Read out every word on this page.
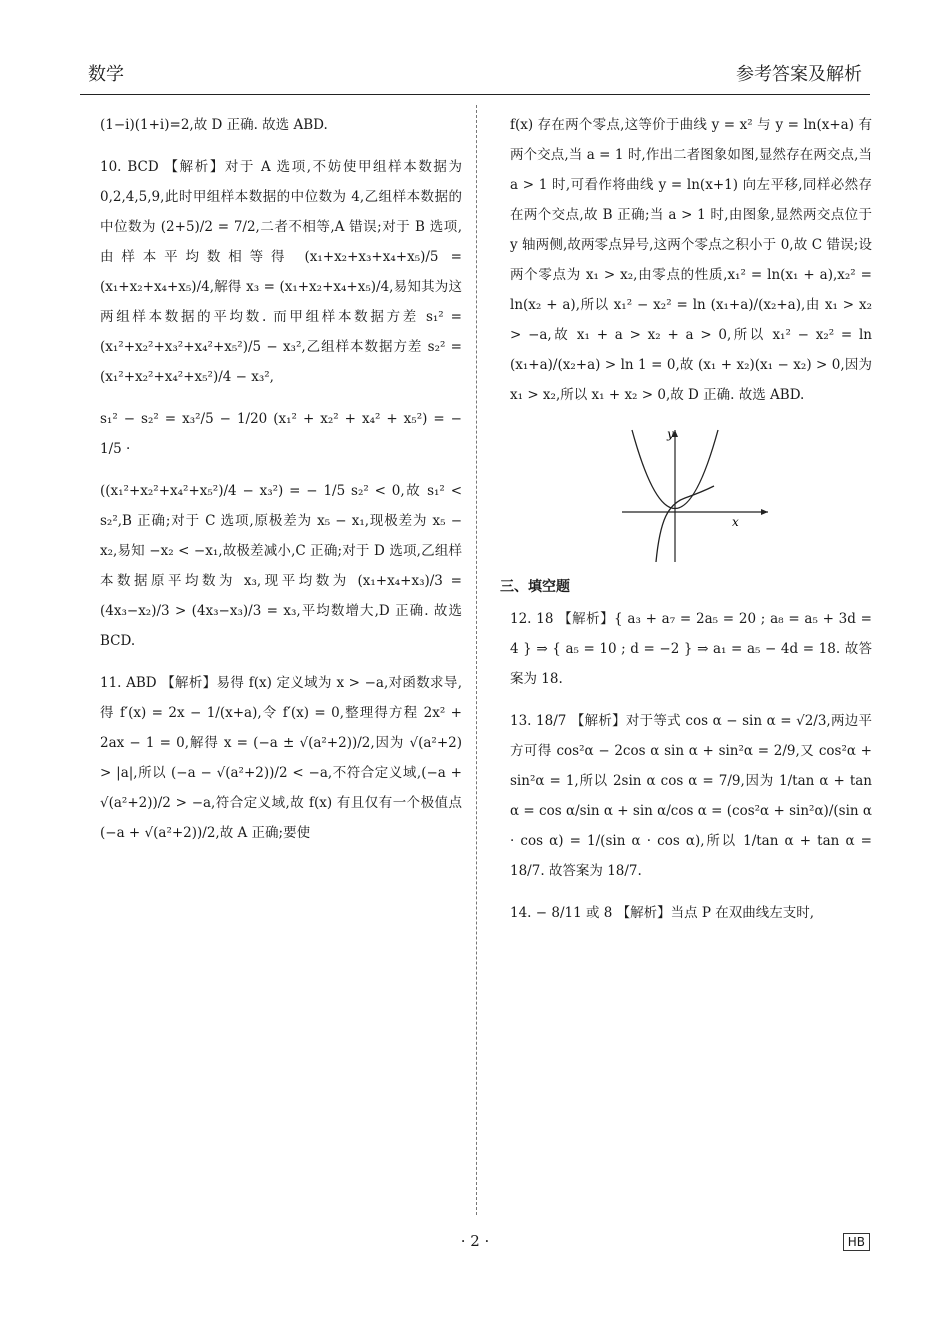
数学	参考答案及解析

(1−i)(1+i)=2,故 D 正确. 故选 ABD.

10. BCD 【解析】对于 A 选项,不妨使甲组样本数据为 0,2,4,5,9,此时甲组样本数据的中位数为 4,乙组样本数据的中位数为 (2+5)/2 = 7/2,二者不相等,A 错误;对于 B 选项,由样本平均数相等得 (x₁+x₂+x₃+x₄+x₅)/5 = (x₁+x₂+x₄+x₅)/4,解得 x₃ = (x₁+x₂+x₄+x₅)/4,易知其为这两组样本数据的平均数. 而甲组样本数据方差 s₁² = (x₁²+x₂²+x₃²+x₄²+x₅²)/5 − x₃²,乙组样本数据方差 s₂² = (x₁²+x₂²+x₄²+x₅²)/4 − x₃²,

s₁² − s₂² = x₃²/5 − 1/20 (x₁² + x₂² + x₄² + x₅²) = − 1/5 ·

((x₁²+x₂²+x₄²+x₅²)/4 − x₃²) = − 1/5 s₂² < 0,故 s₁² < s₂²,B 正确;对于 C 选项,原极差为 x₅ − x₁,现极差为 x₅ − x₂,易知 −x₂ < −x₁,故极差减小,C 正确;对于 D 选项,乙组样本数据原平均数为 x₃,现平均数为 (x₁+x₄+x₃)/3 = (4x₃−x₂)/3 > (4x₃−x₃)/3 = x₃,平均数增大,D 正确. 故选 BCD.

11. ABD 【解析】易得 f(x) 定义域为 x > −a,对函数求导,得 f′(x) = 2x − 1/(x+a),令 f′(x) = 0,整理得方程 2x² + 2ax − 1 = 0,解得 x = (−a ± √(a²+2))/2,因为 √(a²+2) > |a|,所以 (−a − √(a²+2))/2 < −a,不符合定义域,(−a + √(a²+2))/2 > −a,符合定义域,故 f(x) 有且仅有一个极值点 (−a + √(a²+2))/2,故 A 正确;要使

f(x) 存在两个零点,这等价于曲线 y = x² 与 y = ln(x+a) 有两个交点,当 a = 1 时,作出二者图象如图,显然存在两交点,当 a > 1 时,可看作将曲线 y = ln(x+1) 向左平移,同样必然存在两个交点,故 B 正确;当 a > 1 时,由图象,显然两交点位于 y 轴两侧,故两零点异号,这两个零点之积小于 0,故 C 错误;设两个零点为 x₁ > x₂,由零点的性质,x₁² = ln(x₁ + a),x₂² = ln(x₂ + a),所以 x₁² − x₂² = ln (x₁+a)/(x₂+a),由 x₁ > x₂ > −a,故 x₁ + a > x₂ + a > 0,所以 x₁² − x₂² = ln (x₁+a)/(x₂+a) > ln 1 = 0,故 (x₁ + x₂)(x₁ − x₂) > 0,因为 x₁ > x₂,所以 x₁ + x₂ > 0,故 D 正确. 故选 ABD.

y
x
三、填空题

12. 18 【解析】{ a₃ + a₇ = 2a₅ = 20 ; a₈ = a₅ + 3d = 4 } ⇒ { a₅ = 10 ; d = −2 } ⇒ a₁ = a₅ − 4d = 18. 故答案为 18.

13. 18/7 【解析】对于等式 cos α − sin α = √2/3,两边平方可得 cos²α − 2cos α sin α + sin²α = 2/9,又 cos²α + sin²α = 1,所以 2sin α cos α = 7/9,因为 1/tan α + tan α = cos α/sin α + sin α/cos α = (cos²α + sin²α)/(sin α · cos α) = 1/(sin α · cos α),所以 1/tan α + tan α = 18/7. 故答案为 18/7.

14. − 8/11 或 8 【解析】当点 P 在双曲线左支时,

· 2 ·	HB
